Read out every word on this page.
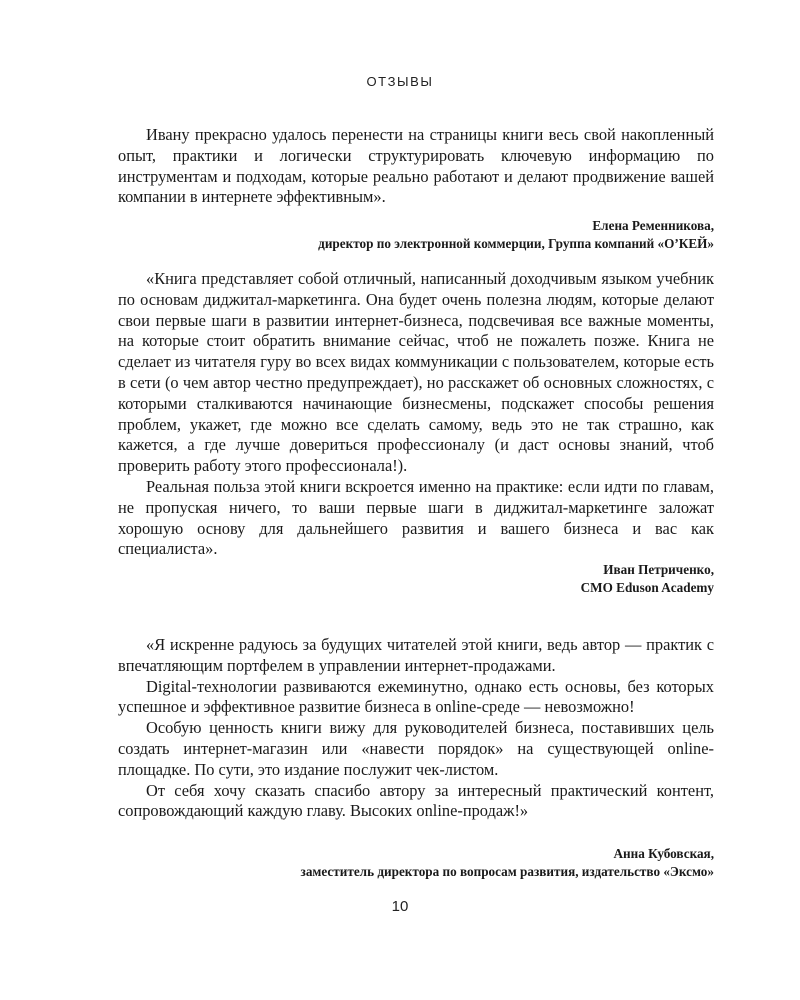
ОТЗЫВЫ

Ивану прекрасно удалось перенести на страницы книги весь свой накопленный опыт, практики и логически структурировать ключевую информацию по инструментам и подходам, которые реально работают и делают продвижение вашей компании в интернете эффективным».

Елена Ременникова,
директор по электронной коммерции, Группа компаний «О’КЕЙ»

«Книга представляет собой отличный, написанный доходчивым языком учебник по основам диджитал-маркетинга. Она будет очень полезна людям, которые делают свои первые шаги в развитии интернет-бизнеса, подсвечивая все важные моменты, на которые стоит обратить внимание сейчас, чтоб не пожалеть позже. Книга не сделает из читателя гуру во всех видах коммуникации с пользователем, которые есть в сети (о чем автор честно предупреждает), но расскажет об основных сложностях, с которыми сталкиваются начинающие бизнесмены, подскажет способы решения проблем, укажет, где можно все сделать самому, ведь это не так страшно, как кажется, а где лучше довериться профессионалу (и даст основы знаний, чтоб проверить работу этого профессионала!).

Реальная польза этой книги вскроется именно на практике: если идти по главам, не пропуская ничего, то ваши первые шаги в диджитал-маркетинге заложат хорошую основу для дальнейшего развития и вашего бизнеса и вас как специалиста».

Иван Петриченко,
CMO Eduson Academy

«Я искренне радуюсь за будущих читателей этой книги, ведь автор — практик с впечатляющим портфелем в управлении интернет-продажами.

Digital-технологии развиваются ежеминутно, однако есть основы, без которых успешное и эффективное развитие бизнеса в online-среде — невозможно!

Особую ценность книги вижу для руководителей бизнеса, поставивших цель создать интернет-магазин или «навести порядок» на существующей online-площадке. По сути, это издание послужит чек-листом.

От себя хочу сказать спасибо автору за интересный практический контент, сопровождающий каждую главу. Высоких online-продаж!»

Анна Кубовская,
заместитель директора по вопросам развития, издательство «Эксмо»
10
